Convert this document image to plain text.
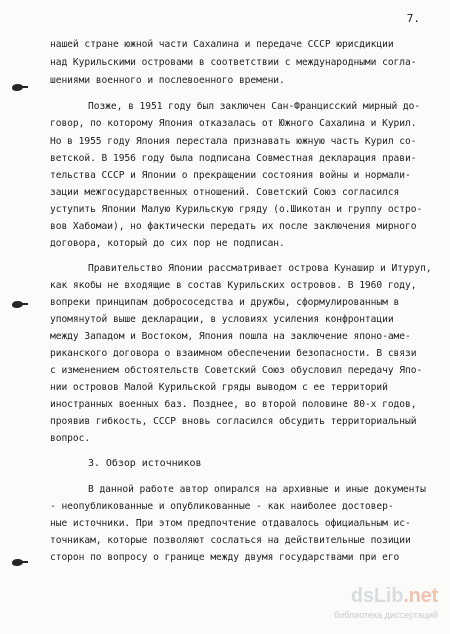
7.
нашей стране южной части Сахалина и передаче СССР юрисдикции
над Курильскими островами в соответствии с международными согла-
шениями военного и послевоенного времени.
Позже, в 1951 году был заключен Сан-Францисский мирный до-
говор, по которому Япония отказалась от Южного Сахалина и Курил.
Но в 1955 году Япония перестала признавать южную часть Курил со-
ветской. В 1956 году была подписана Совместная декларация прави-
тельства СССР и Японии о прекращении состояния войны и нормали-
зации межгосударственных отношений. Советский Союз согласился
уступить Японии Малую Курильскую гряду (о.Шикотан и группу остро-
вов Хабомаи), но фактически передать их после заключения мирного
договора, который до сих пор не подписан.
Правительство Японии рассматривает острова Кунашир и Итуруп,
как якобы не входящие в состав Курильских островов. В 1960 году,
вопреки принципам добрососедства и дружбы, сформулированным в
упомянутой выше декларации, в условиях усиления конфронтации
между Западом и Востоком, Япония пошла на заключение японо-аме-
риканского договора о взаимном обеспечении безопасности. В связи
с изменением обстоятельств Советский Союз обусловил передачу Япо-
нии островов Малой Курильской гряды выводом с ее территорий
иностранных военных баз. Позднее, во второй половине 80-х годов,
проявив гибкость, СССР вновь согласился обсудить территориальный
вопрос.
3. Обзор источников
В данной работе автор опирался на архивные и иные документы
- неопубликованные и опубликованные - как наиболее достовер-
ные источники. При этом предпочтение отдавалось официальным ис-
точникам, которые позволяют сослаться на действительные позиции
сторон по вопросу о границе между двумя государствами при его
dsLib.net
библиотека диссертаций
